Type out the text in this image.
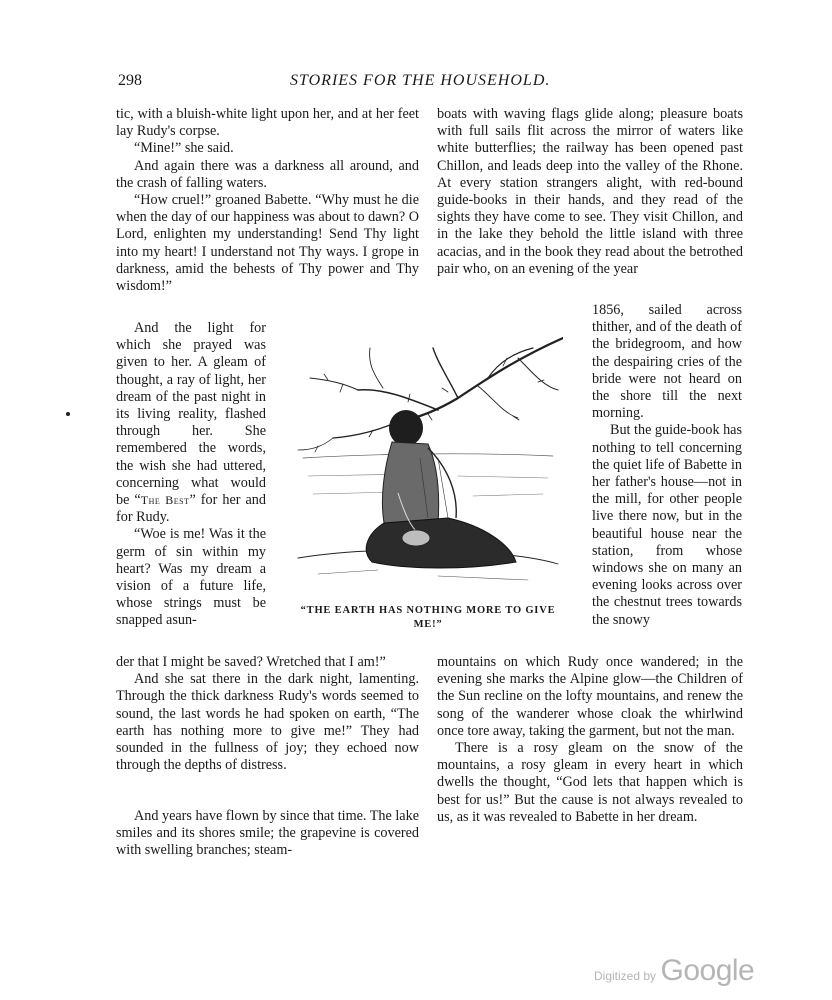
298	STORIES FOR THE HOUSEHOLD.

tic, with a bluish-white light upon her, and at her feet lay Rudy's corpse.

“Mine!” she said.

And again there was a darkness all around, and the crash of falling waters.

“How cruel!” groaned Babette. “Why must he die when the day of our happiness was about to dawn? O Lord, enlighten my understanding! Send Thy light into my heart! I understand not Thy ways. I grope in darkness, amid the behests of Thy power and Thy wisdom!”

And the light for which she prayed was given to her. A gleam of thought, a ray of light, her dream of the past night in its living reality, flashed through her. She remembered the words, the wish she had uttered, concerning what would be “The Best” for her and for Rudy.

“Woe is me! Was it the germ of sin within my heart? Was my dream a vision of a future life, whose strings must be snapped asun-

der that I might be saved? Wretched that I am!”

And she sat there in the dark night, lamenting. Through the thick darkness Rudy's words seemed to sound, the last words he had spoken on earth, “The earth has nothing more to give me!” They had sounded in the fullness of joy; they echoed now through the depths of distress.

And years have flown by since that time. The lake smiles and its shores smile; the grapevine is covered with swelling branches; steam-

boats with waving flags glide along; pleasure boats with full sails flit across the mirror of waters like white butterflies; the railway has been opened past Chillon, and leads deep into the valley of the Rhone. At every station strangers alight, with red-bound guide-books in their hands, and they read of the sights they have come to see. They visit Chillon, and in the lake they behold the little island with three acacias, and in the book they read about the betrothed pair who, on an evening of the year

1856, sailed across thither, and of the death of the bridegroom, and how the despairing cries of the bride were not heard on the shore till the next morning.

But the guide-book has nothing to tell concerning the quiet life of Babette in her father's house—not in the mill, for other people live there now, but in the beautiful house near the station, from whose windows she on many an evening looks across over the chestnut trees towards the snowy

mountains on which Rudy once wandered; in the evening she marks the Alpine glow—the Children of the Sun recline on the lofty mountains, and renew the song of the wanderer whose cloak the whirlwind once tore away, taking the garment, but not the man.

There is a rosy gleam on the snow of the mountains, a rosy gleam in every heart in which dwells the thought, “God lets that happen which is best for us!” But the cause is not always revealed to us, as it was revealed to Babette in her dream.

“THE EARTH HAS NOTHING MORE TO GIVE ME!”
Digitized by Google
